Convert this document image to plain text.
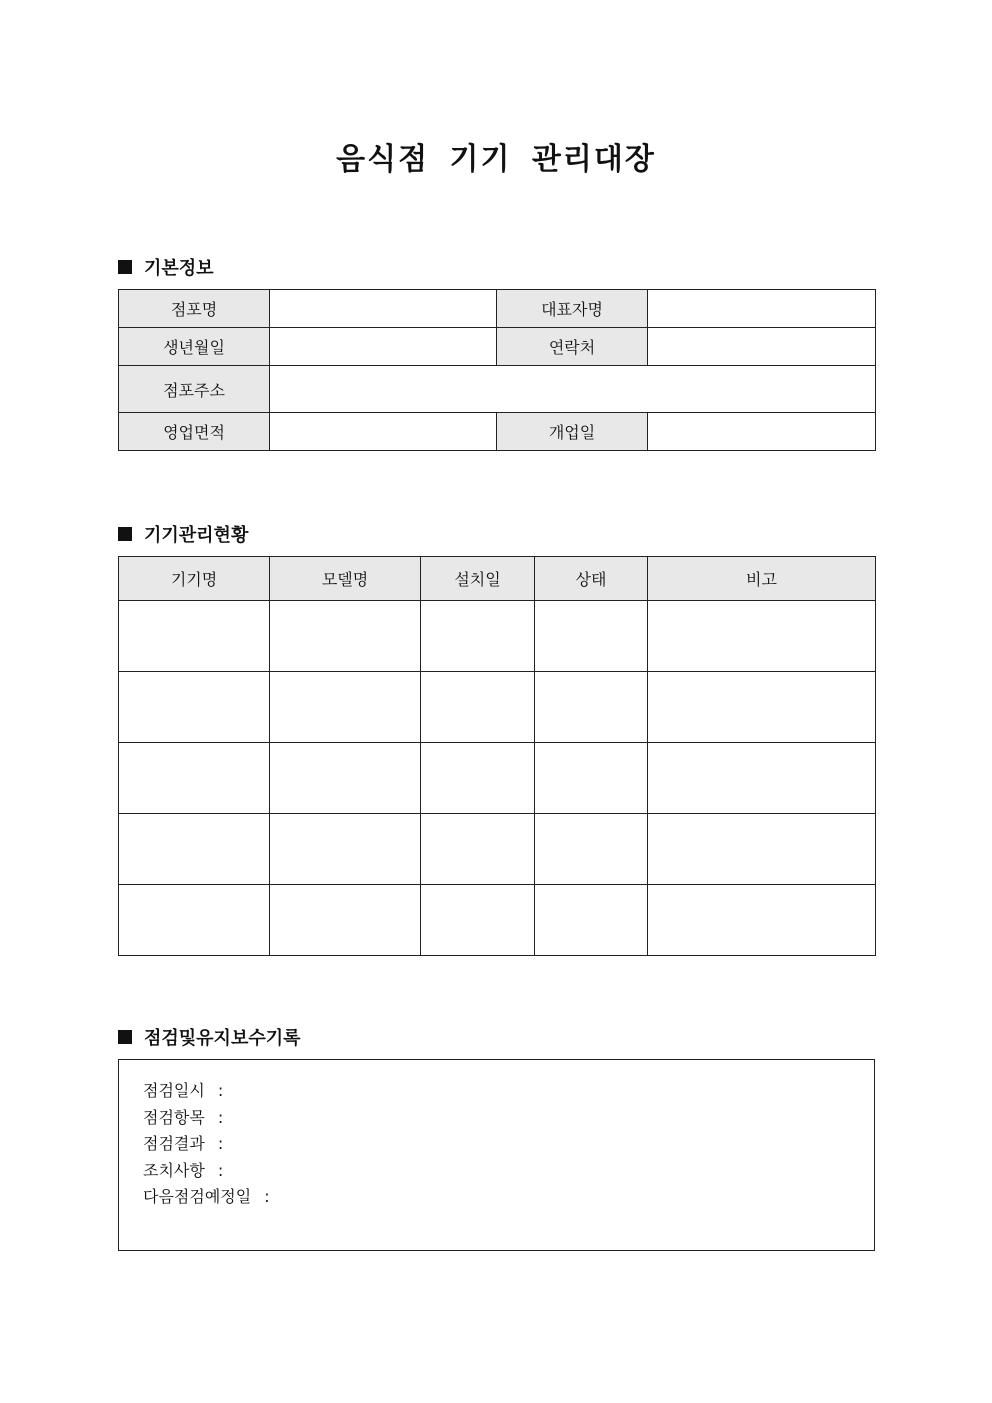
음식점 기기 관리대장
기본정보
점포명		대표자명	
생년월일		연락처	
점포주소			
영업면적		개업일	
기기관리현황
기기명	모델명	설치일	상태	비고

점검및유지보수기록
점검일시 :
점검항목 :
점검결과 :
조치사항 :
다음점검예정일 :
